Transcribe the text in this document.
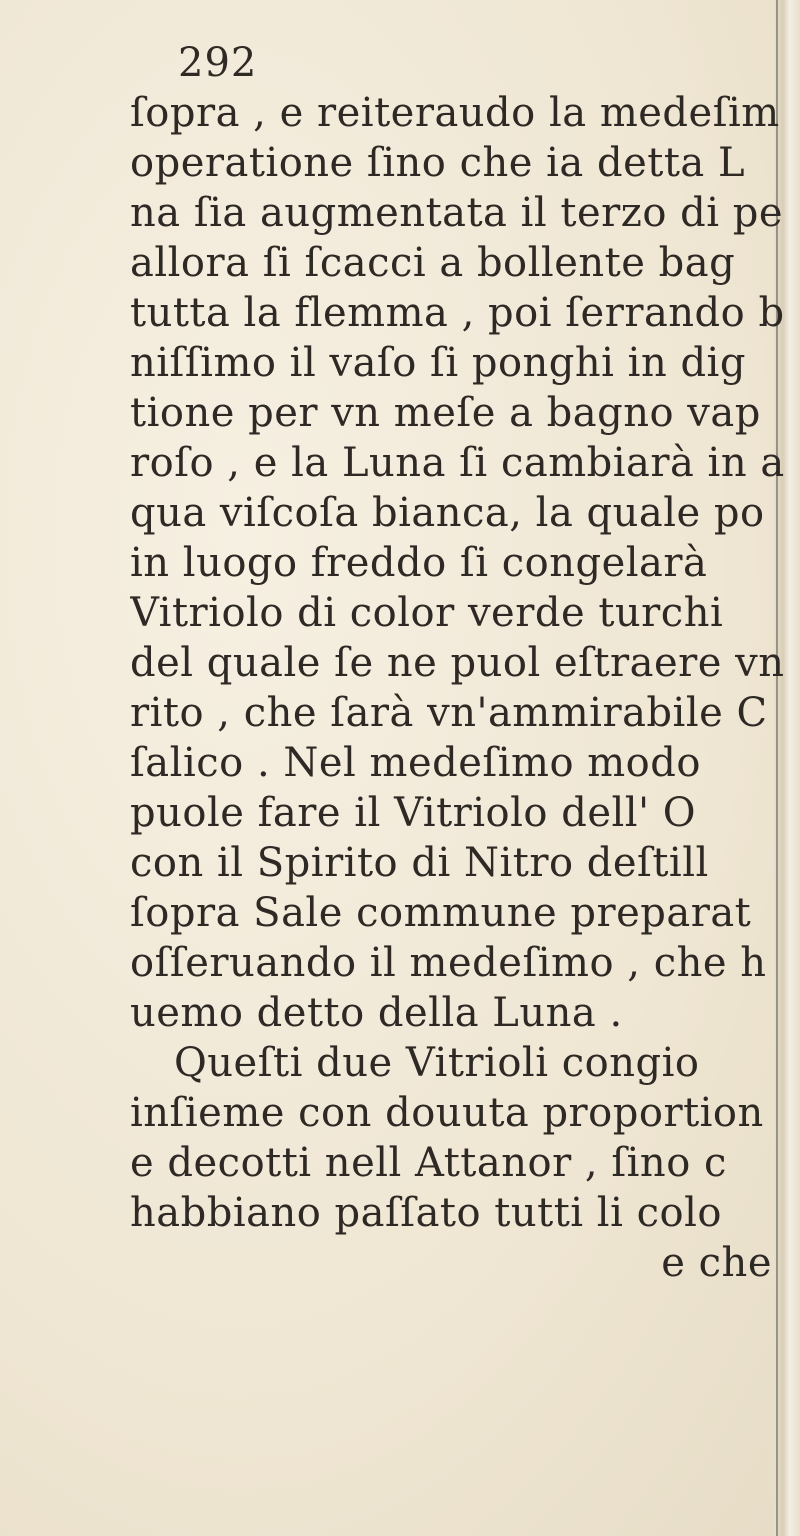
292
ſopra , e reiteraudo la medeſim
operatione ſino che ia detta L
na ſia augmentata il terzo di pe
allora ſi ſcacci a bollente bag
tutta la flemma , poi ſerrando b
niſſimo il vaſo ſi ponghi in dig
tione per vn meſe a bagno vap
roſo , e la Luna ſi cambiarà in a
qua viſcoſa bianca, la quale po
in luogo freddo ſi congelarà
Vitriolo di color verde turchi
del quale ſe ne puol eſtraere vn
rito , che ſarà vn'ammirabile C
ſalico . Nel medeſimo modo
puole fare il Vitriolo dell' O
con il Spirito di Nitro deſtill
ſopra Sale commune preparat
oſſeruando il medeſimo , che h
uemo detto della Luna .
Queſti due Vitrioli congio
inſieme con douuta proportion
e decotti nell Attanor , ſino c
habbiano paſſato tutti li colo
e che
